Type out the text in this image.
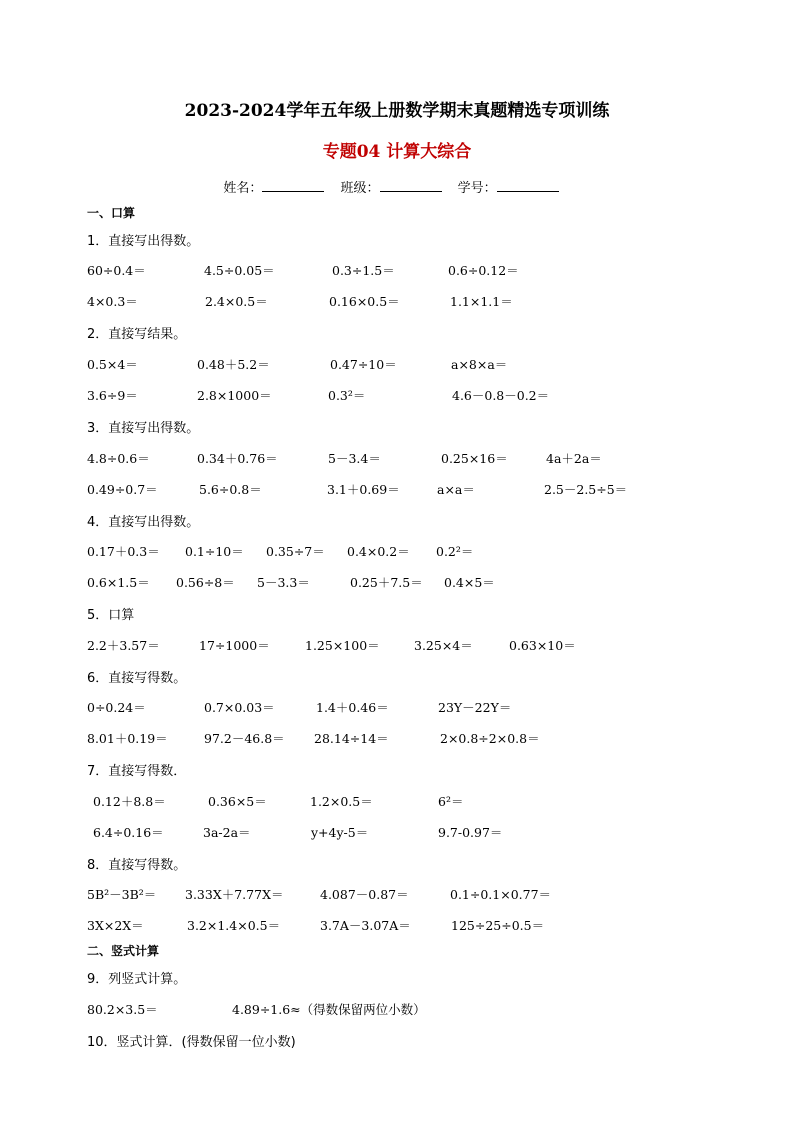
2023-2024学年五年级上册数学期末真题精选专项训练
专题04 计算大综合
姓名：	班级：	学号：
一、口算
1．直接写出得数。
60÷0.4＝	4.5÷0.05＝	0.3÷1.5＝	0.6÷0.12＝
4×0.3＝	2.4×0.5＝	0.16×0.5＝	1.1×1.1＝
2．直接写结果。
0.5×4＝	0.48＋5.2＝	0.47÷10＝	a×8×a＝
3.6÷9＝	2.8×1000＝	0.3²＝	4.6－0.8－0.2＝
3．直接写出得数。
4.8÷0.6＝	0.34＋0.76＝	5－3.4＝	0.25×16＝	4a＋2a＝
0.49÷0.7＝	5.6÷0.8＝	3.1＋0.69＝	a×a＝	2.5－2.5÷5＝
4．直接写出得数。
0.17＋0.3＝ 0.1÷10＝ 0.35÷7＝ 0.4×0.2＝ 0.2²＝
0.6×1.5＝ 0.56÷8＝ 5－3.3＝	0.25＋7.5＝ 0.4×5＝
5．口算
2.2＋3.57＝	17÷1000＝	1.25×100＝	3.25×4＝	0.63×10＝
6．直接写得数。
0÷0.24＝	0.7×0.03＝	1.4＋0.46＝	23Y－22Y＝
8.01＋0.19＝	97.2－46.8＝ 28.14÷14＝	2×0.8÷2×0.8＝
7．直接写得数．
0.12＋8.8＝	0.36×5＝	1.2×0.5＝	6²＝
6.4÷0.16＝	3a-2a＝	y+4y-5＝	9.7-0.97＝
8．直接写得数。
5B²－3B²＝ 3.33X＋7.77X＝	4.087－0.87＝	0.1÷0.1×0.77＝
3X×2X＝	3.2×1.4×0.5＝	3.7A－3.07A＝	125÷25÷0.5＝
二、竖式计算
9．列竖式计算。
80.2×3.5＝	4.89÷1.6≈（得数保留两位小数）
10．竖式计算．(得数保留一位小数)
